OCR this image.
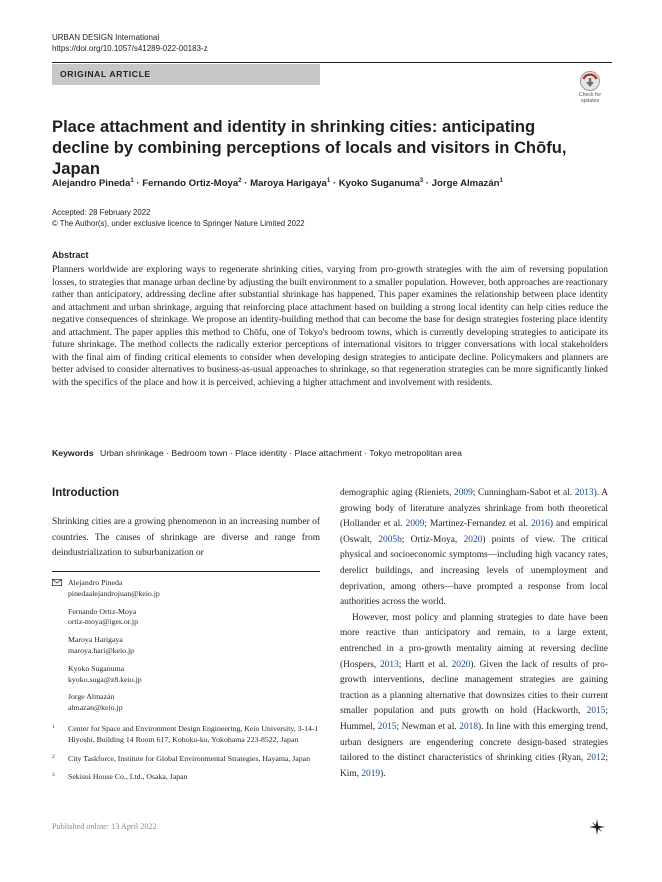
URBAN DESIGN International
https://doi.org/10.1057/s41289-022-00183-z
ORIGINAL ARTICLE
Check for
updates
Place attachment and identity in shrinking cities: anticipating decline by combining perceptions of locals and visitors in Chōfu, Japan
Alejandro Pineda$^1$ · Fernando Ortiz-Moya$^2$ · Maroya Harigaya$^1$ · Kyoko Suganuma$^3$ · Jorge Almazán$^1$
Accepted: 28 February 2022
© The Author(s), under exclusive licence to Springer Nature Limited 2022
Abstract
Planners worldwide are exploring ways to regenerate shrinking cities, varying from pro-growth strategies with the aim of reversing population losses, to strategies that manage urban decline by adjusting the built environment to a smaller population. However, both approaches are reactionary rather than anticipatory, addressing decline after substantial shrinkage has happened. This paper examines the relationship between place identity and attachment and urban shrinkage, arguing that reinforcing place attachment based on building a strong local identity can help cities reduce the negative consequences of shrinkage. We propose an identity-building method that can become the base for design strategies fostering place identity and attachment. The paper applies this method to Chōfu, one of Tokyo's bedroom towns, which is currently developing strategies to anticipate its future shrinkage. The method collects the radically exterior perceptions of international visitors to trigger conversations with local stakeholders with the final aim of finding critical elements to consider when developing design strategies to anticipate decline. Policymakers and planners are better advised to consider alternatives to business-as-usual approaches to shrinkage, so that regeneration strategies can be more significantly linked with the specifics of the place and how it is perceived, achieving a higher attachment and involvement with residents.
Keywords Urban shrinkage · Bedroom town · Place identity · Place attachment · Tokyo metropolitan area
Introduction
Shrinking cities are a growing phenomenon in an increasing number of countries. The causes of shrinkage are diverse and range from deindustrialization to suburbanization or

demographic aging (Rieniets, 2009; Cunningham-Sabot et al. 2013). A growing body of literature analyzes shrinkage from both theoretical (Hollander et al. 2009; Martinez-Fernandez et al. 2016) and empirical (Oswalt, 2005b; Ortiz-Moya, 2020) points of view. The critical physical and socioeconomic symptoms—including high vacancy rates, derelict buildings, and increasing levels of unemployment and deprivation, among others—have prompted a response from local authorities across the world.

However, most policy and planning strategies to date have been more reactive than anticipatory and remain, to a large extent, entrenched in a pro-growth mentality aiming at reversing decline (Hospers, 2013; Hartt et al. 2020). Given the lack of results of pro-growth interventions, decline management strategies are gaining traction as a planning alternative that downsizes cities to their current smaller population and puts growth on hold (Hackworth, 2015; Hummel, 2015; Newman et al. 2018). In line with this emerging trend, urban designers are engendering concrete design-based strategies tailored to the distinct characteristics of shrinking cities (Ryan, 2012; Kim, 2019).

Alejandro Pineda
pinedaalejandrojuan@keio.jp
Fernando Ortiz-Moya
ortiz-moya@iges.or.jp
Maroya Harigaya
maroya.hari@keio.jp
Kyoko Suganuma
kyoko.suga@z8.keio.jp
Jorge Almazán
almazan@keio.jp
1 Center for Space and Environment Design Engineering, Keio University, 3-14-1 Hiyoshi, Building 14 Room 617, Kohoku-ku, Yokohama 223-8522, Japan
2 City Taskforce, Institute for Global Environmental Strategies, Hayama, Japan
3 Sekisui House Co., Ltd., Osaka, Japan
Published online: 13 April 2022
